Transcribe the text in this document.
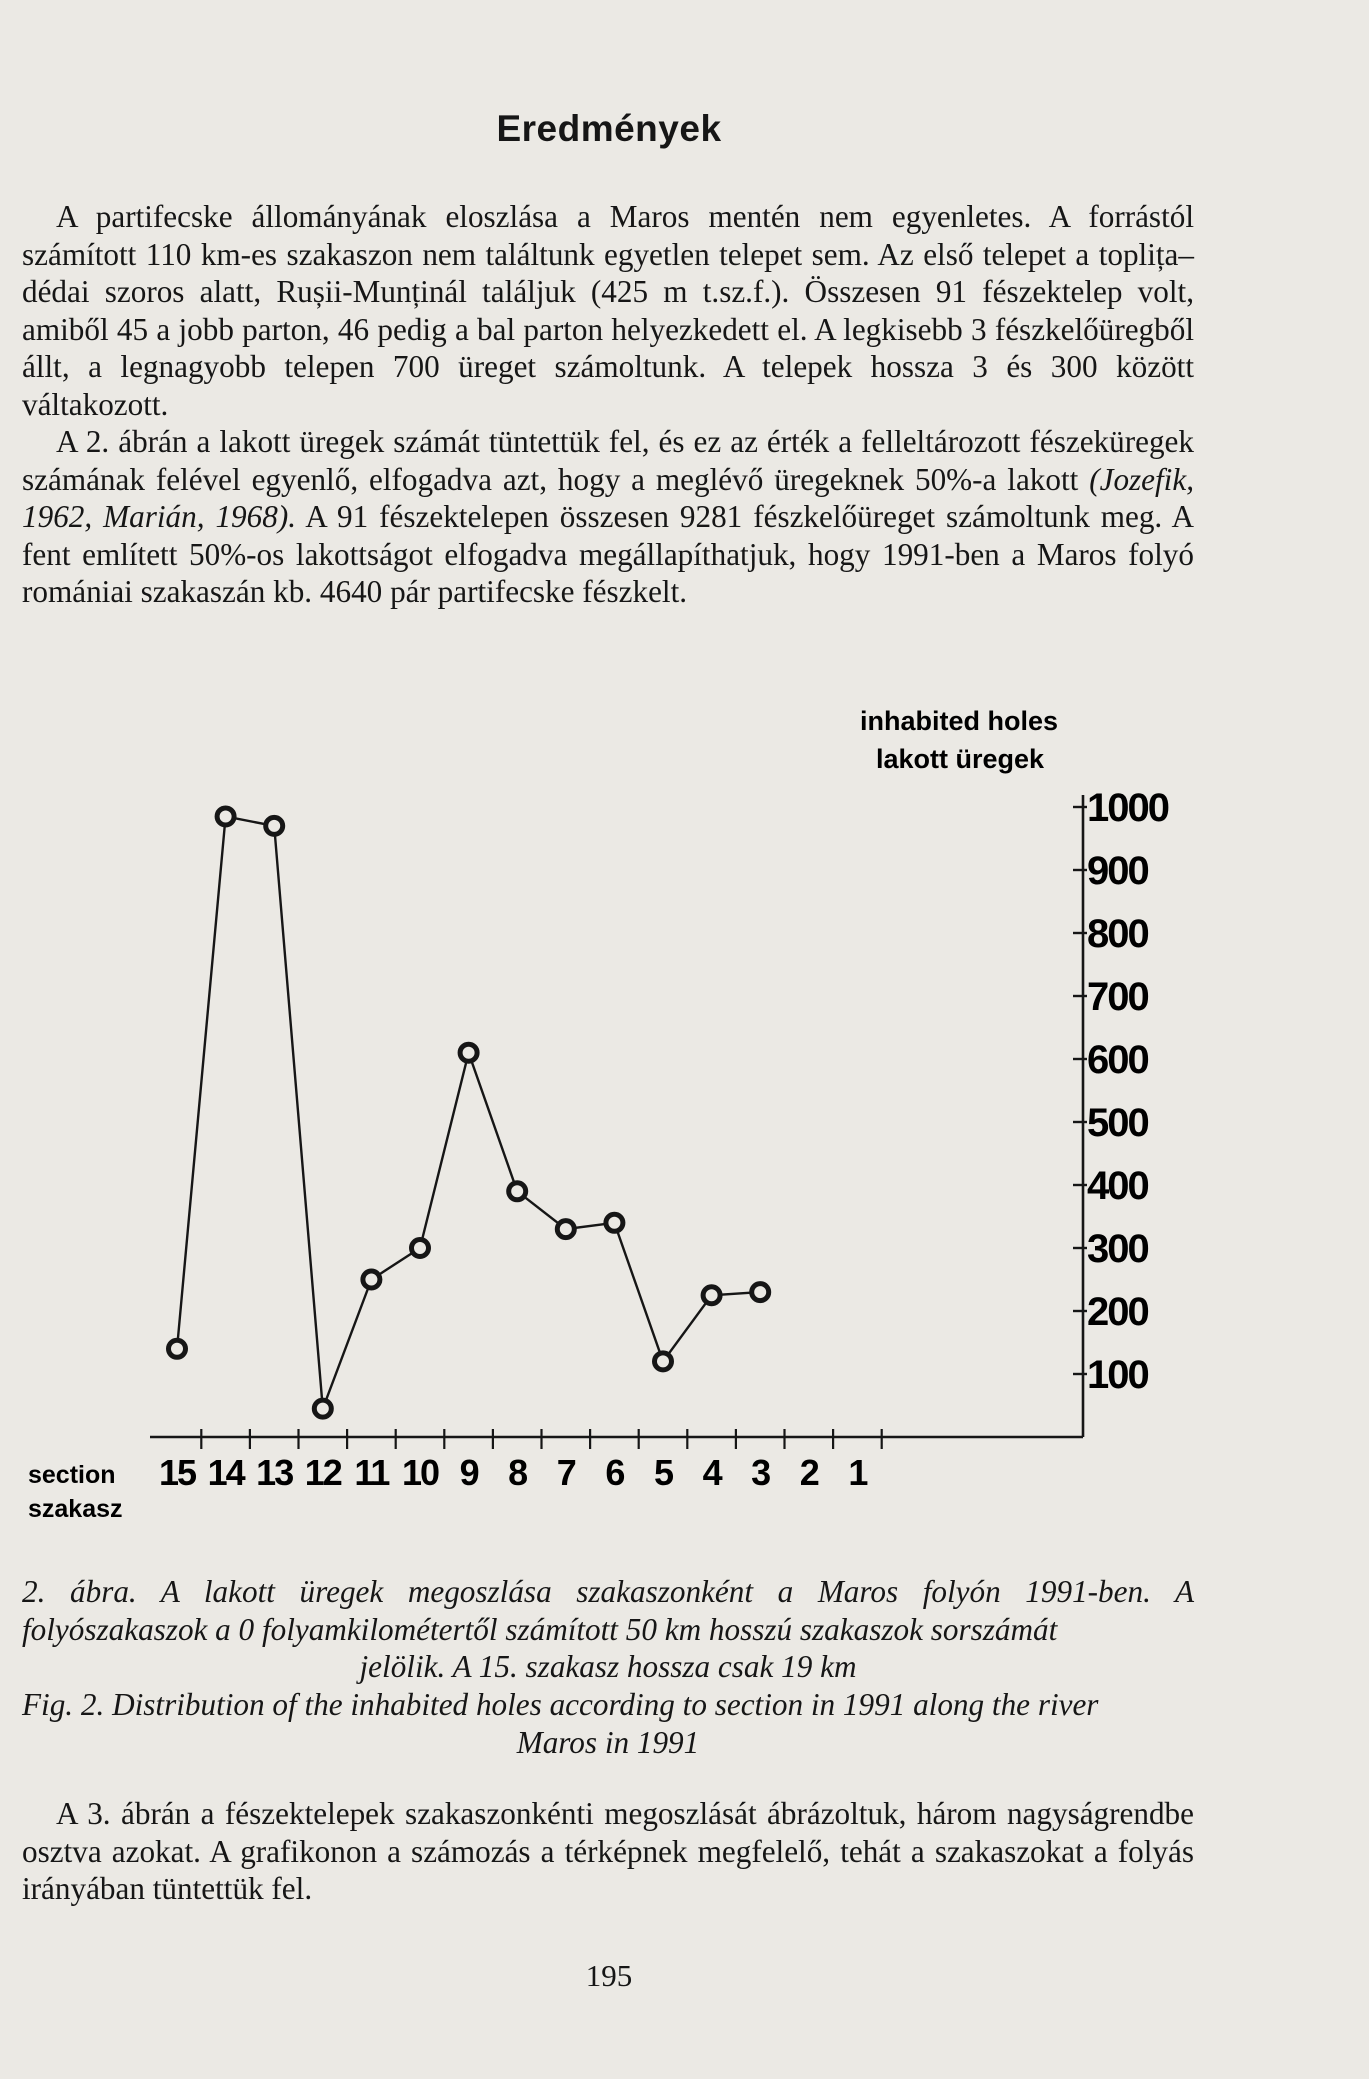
Eredmények

A partifecske állományának eloszlása a Maros mentén nem egyenletes. A forrástól számított 110 km-es szakaszon nem találtunk egyetlen telepet sem. Az első telepet a toplița–dédai szoros alatt, Rușii-Munținál találjuk (425 m t.sz.f.). Összesen 91 fészektelep volt, amiből 45 a jobb parton, 46 pedig a bal parton helyezkedett el. A legkisebb 3 fészkelőüregből állt, a legnagyobb telepen 700 üreget számoltunk. A telepek hossza 3 és 300 között váltakozott.

A 2. ábrán a lakott üregek számát tüntettük fel, és ez az érték a felleltározott fészeküregek számának felével egyenlő, elfogadva azt, hogy a meglévő üregeknek 50%-a lakott (Jozefik, 1962, Marián, 1968). A 91 fészektelepen összesen 9281 fészkelőüreget számoltunk meg. A fent említett 50%-os lakottságot elfogadva megállapíthatjuk, hogy 1991-ben a Maros folyó romániai szakaszán kb. 4640 pár partifecske fészkelt.

1000
900
800
700
600
500
400
300
200
100
inhabited holes
lakott üregek
15 14 13 12 11 10 9 8 7 6 5 4 3 2 1
section
szakasz

2. ábra. A lakott üregek megoszlása szakaszonként a Maros folyón 1991-ben. A folyószakaszok a 0 folyamkilométertől számított 50 km hosszú szakaszok sorszámát

jelölik. A 15. szakasz hossza csak 19 km

Fig. 2. Distribution of the inhabited holes according to section in 1991 along the river

Maros in 1991

A 3. ábrán a fészektelepek szakaszonkénti megoszlását ábrázoltuk, három nagyságrendbe osztva azokat. A grafikonon a számozás a térképnek megfelelő, tehát a szakaszokat a folyás irányában tüntettük fel.

195
